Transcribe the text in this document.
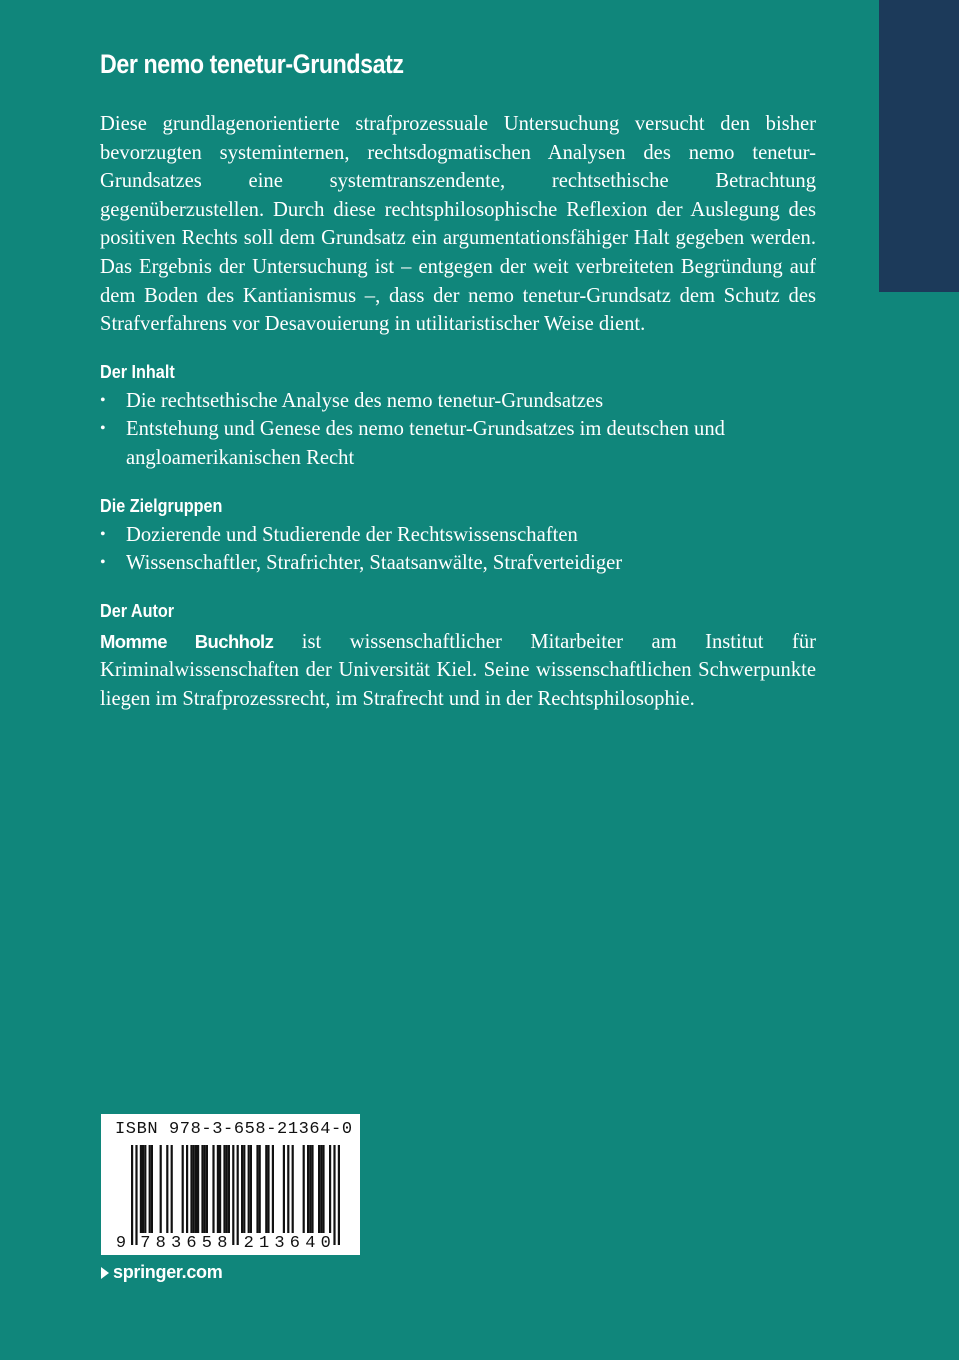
Der nemo tenetur-Grundsatz

Diese grundlagenorientierte strafprozessuale Untersuchung versucht den bisher bevorzugten systeminternen, rechtsdogmatischen Analysen des nemo tenetur-Grundsatzes eine systemtranszendente, rechtsethische Betrachtung gegenüberzustellen. Durch diese rechtsphilosophische Reflexion der Auslegung des positiven Rechts soll dem Grundsatz ein argumentationsfähiger Halt gegeben werden. Das Ergebnis der Untersuchung ist – entgegen der weit verbreiteten Begründung auf dem Boden des Kantianismus –, dass der nemo tenetur-Grundsatz dem Schutz des Strafverfahrens vor Desavouierung in utilitaristischer Weise dient.

Der Inhalt
• Die rechtsethische Analyse des nemo tenetur-Grundsatzes
• Entstehung und Genese des nemo tenetur-Grundsatzes im deutschen und angloamerikanischen Recht
Die Zielgruppen
• Dozierende und Studierende der Rechtswissenschaften
• Wissenschaftler, Strafrichter, Staatsanwälte, Strafverteidiger
Der Autor

Momme Buchholz ist wissenschaftlicher Mitarbeiter am Institut für Kriminalwissenschaften der Universität Kiel. Seine wissenschaftlichen Schwerpunkte liegen im Strafprozessrecht, im Strafrecht und in der Rechtsphilosophie.

ISBN 978-3-658-21364-0
9 7 8 3 6 5 8 2 1 3 6 4 0
springer.com
